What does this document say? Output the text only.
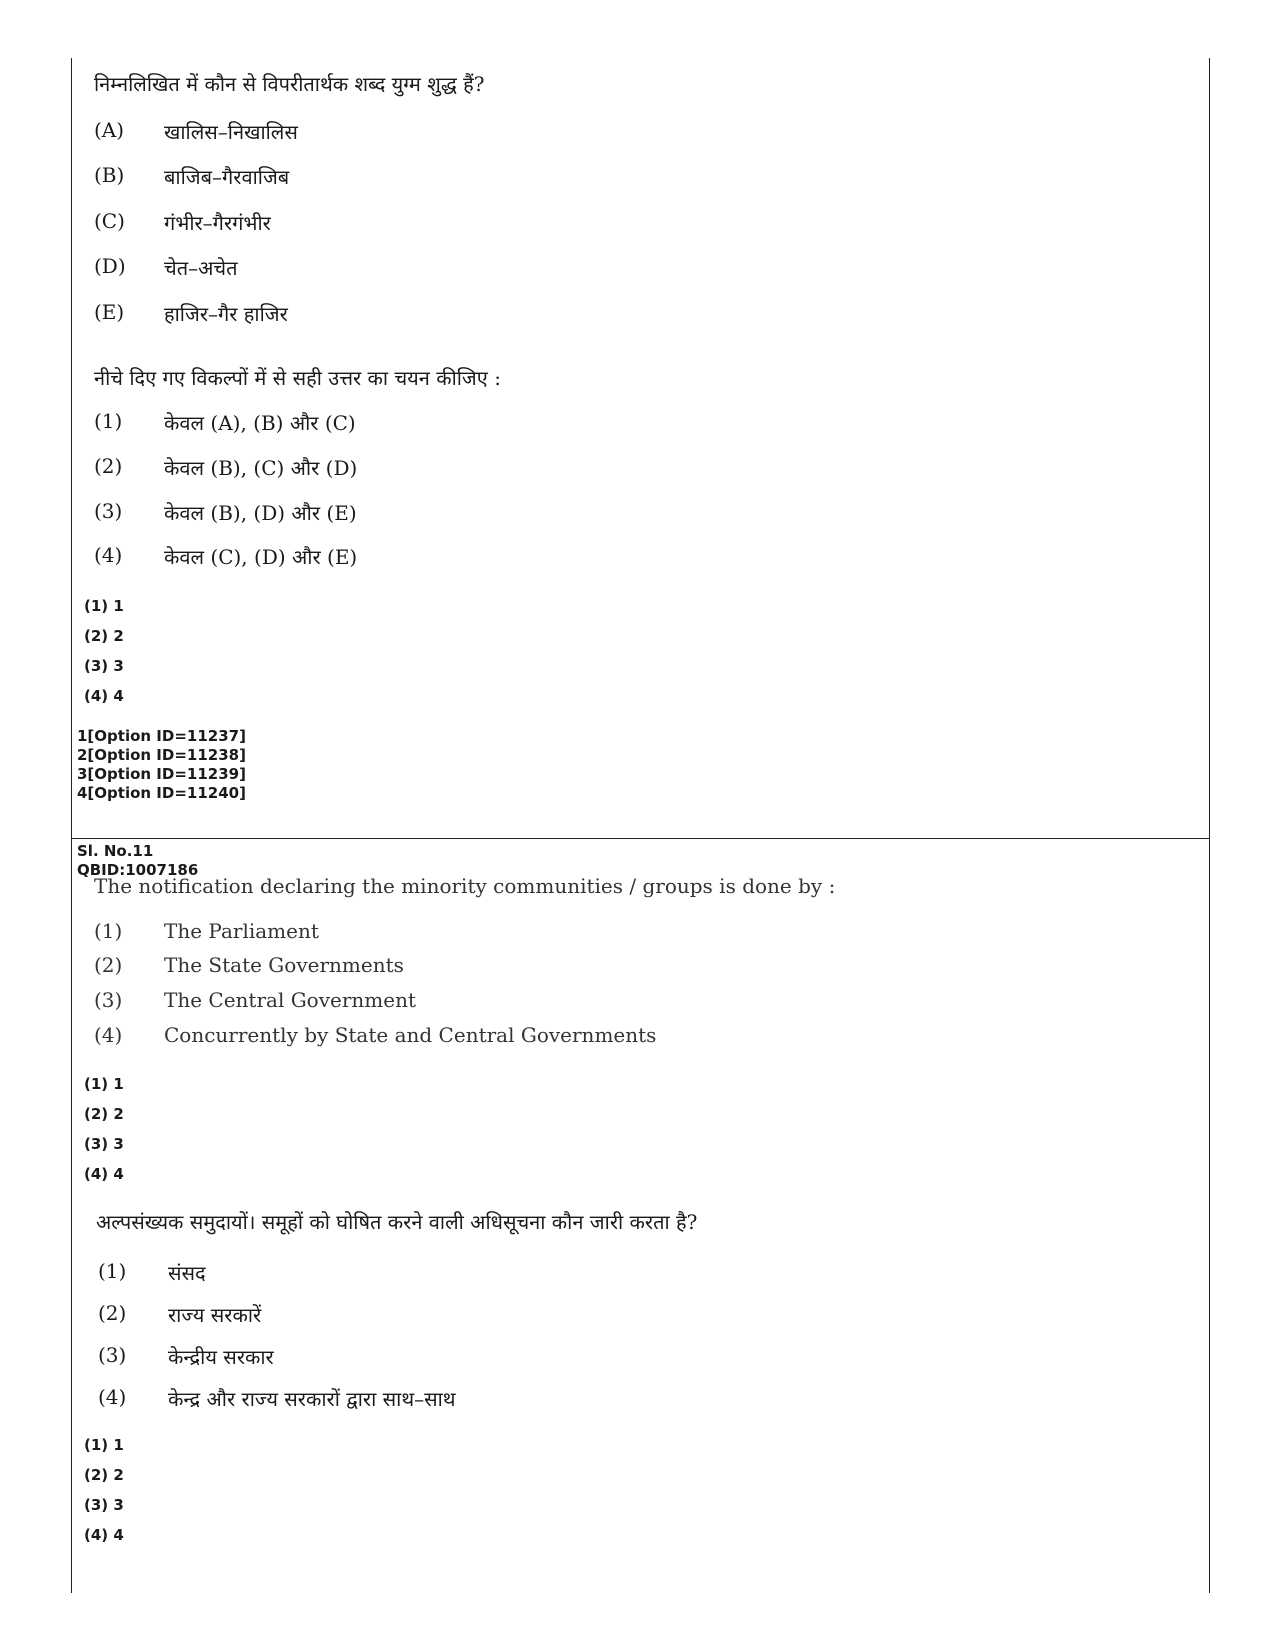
निम्नलिखित में कौन से विपरीतार्थक शब्द युग्म शुद्ध हैं?
(A)	खालिस–निखालिस
(B)	बाजिब–गैरवाजिब
(C)	गंभीर–गैरगंभीर
(D)	चेत–अचेत
(E)	हाजिर–गैर हाजिर
नीचे दिए गए विकल्पों में से सही उत्तर का चयन कीजिए :
(1)	केवल (A), (B) और (C)
(2)	केवल (B), (C) और (D)
(3)	केवल (B), (D) और (E)
(4)	केवल (C), (D) और (E)
(1) 1
(2) 2
(3) 3
(4) 4
1[Option ID=11237]
2[Option ID=11238]
3[Option ID=11239]
4[Option ID=11240]
Sl. No.11
QBID:1007186
The notification declaring the minority communities / groups is done by :
(1)	The Parliament
(2)	The State Governments
(3)	The Central Government
(4)	Concurrently by State and Central Governments
(1) 1
(2) 2
(3) 3
(4) 4
अल्पसंख्यक समुदायों। समूहों को घोषित करने वाली अधिसूचना कौन जारी करता है?
(1)	संसद
(2)	राज्य सरकारें
(3)	केन्द्रीय सरकार
(4)	केन्द्र और राज्य सरकारों द्वारा साथ–साथ
(1) 1
(2) 2
(3) 3
(4) 4
